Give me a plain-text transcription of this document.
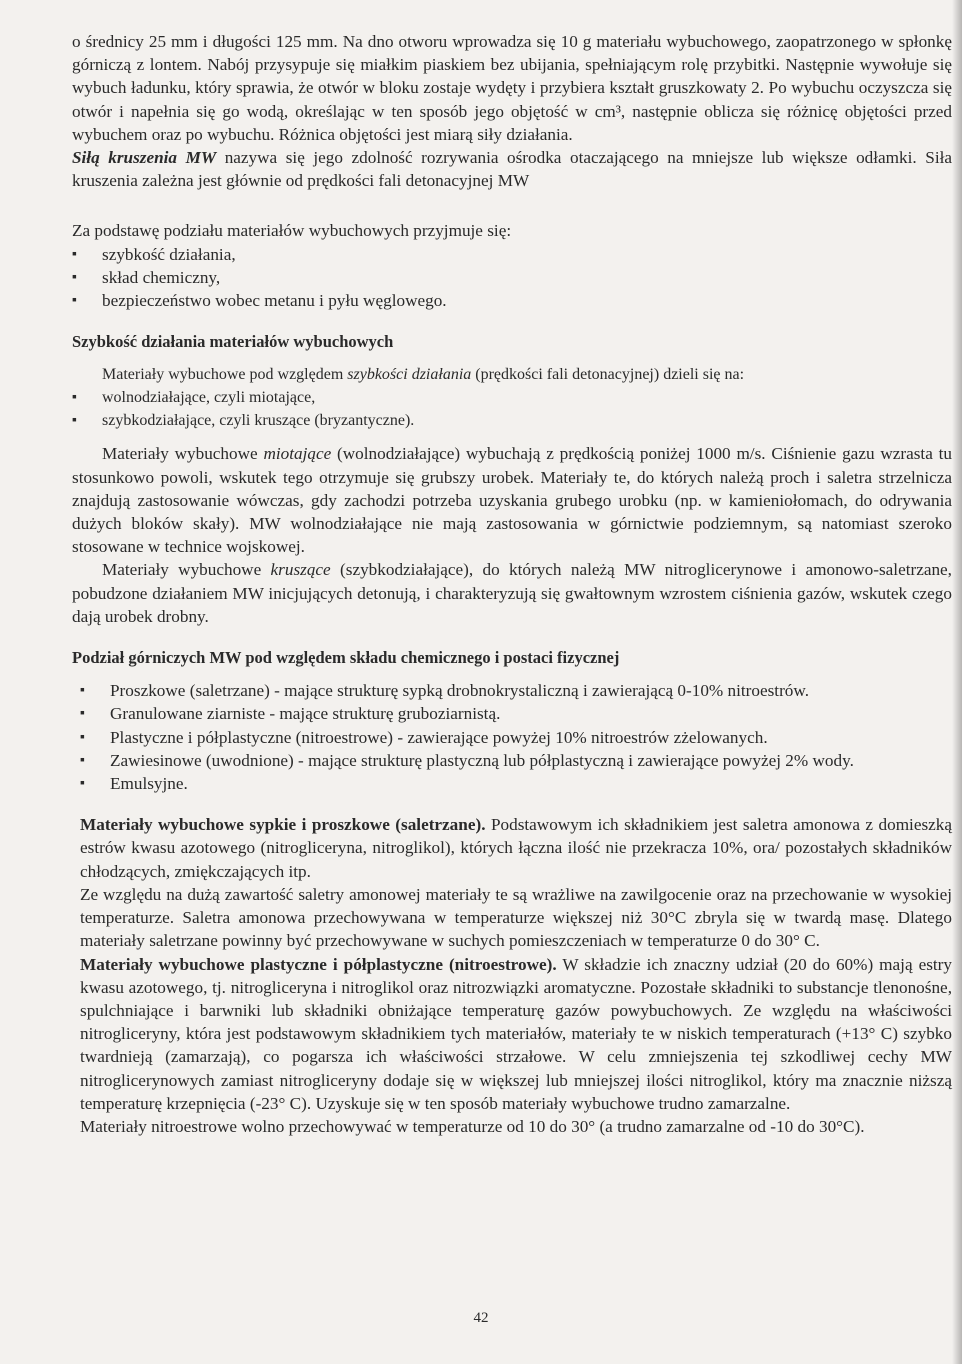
o średnicy 25 mm i długości 125 mm. Na dno otworu wprowadza się 10 g materiału wybuchowego, zaopatrzonego w spłonkę górniczą z lontem. Nabój przysypuje się miałkim piaskiem bez ubijania, spełniającym rolę przybitki. Następnie wywołuje się wybuch ładunku, który sprawia, że otwór w bloku zostaje wydęty i przybiera kształt gruszkowaty 2. Po wybuchu oczyszcza się otwór i napełnia się go wodą, określając w ten sposób jego objętość w cm³, następnie oblicza się różnicę objętości przed wybuchem oraz po wybuchu. Różnica objętości jest miarą siły działania.

Siłą kruszenia MW nazywa się jego zdolność rozrywania ośrodka otaczającego na mniejsze lub większe odłamki. Siła kruszenia zależna jest głównie od prędkości fali detonacyjnej MW

Za podstawę podziału materiałów wybuchowych przyjmuje się:

▪ szybkość działania,
▪ skład chemiczny,
▪ bezpieczeństwo wobec metanu i pyłu węglowego.

Szybkość działania materiałów wybuchowych

Materiały wybuchowe pod względem szybkości działania (prędkości fali detonacyjnej) dzieli się na:

▪ wolnodziałające, czyli miotające,
▪ szybkodziałające, czyli kruszące (bryzantyczne).

Materiały wybuchowe miotające (wolnodziałające) wybuchają z prędkością poniżej 1000 m/s. Ciśnienie gazu wzrasta tu stosunkowo powoli, wskutek tego otrzymuje się grubszy urobek. Materiały te, do których należą proch i saletra strzelnicza znajdują zastosowanie wówczas, gdy zachodzi potrzeba uzyskania grubego urobku (np. w kamieniołomach, do odrywania dużych bloków skały). MW wolnodziałające nie mają zastosowania w górnictwie podziemnym, są natomiast szeroko stosowane w technice wojskowej.

Materiały wybuchowe kruszące (szybkodziałające), do których należą MW nitroglicerynowe i amonowo-saletrzane, pobudzone działaniem MW inicjujących detonują, i charakteryzują się gwałtownym wzrostem ciśnienia gazów, wskutek czego dają urobek drobny.

Podział górniczych MW pod względem składu chemicznego i postaci fizycznej

▪ Proszkowe (saletrzane) - mające strukturę sypką drobnokrystaliczną i zawierającą 0-10% nitroestrów.
▪ Granulowane ziarniste - mające strukturę gruboziarnistą.
▪ Plastyczne i półplastyczne (nitroestrowe) - zawierające powyżej 10% nitroestrów zżelowanych.
▪ Zawiesinowe (uwodnione) - mające strukturę plastyczną lub półplastyczną i zawierające powyżej 2% wody.
▪ Emulsyjne.

Materiały wybuchowe sypkie i proszkowe (saletrzane). Podstawowym ich składnikiem jest saletra amonowa z domieszką estrów kwasu azotowego (nitrogliceryna, nitroglikol), których łączna ilość nie przekracza 10%, ora/ pozostałych składników chłodzących, zmiękczających itp.

Ze względu na dużą zawartość saletry amonowej materiały te są wrażliwe na zawilgocenie oraz na przechowanie w wysokiej temperaturze. Saletra amonowa przechowywana w temperaturze większej niż 30°C zbryla się w twardą masę. Dlatego materiały saletrzane powinny być przechowywane w suchych pomieszczeniach w temperaturze 0 do 30° C.

Materiały wybuchowe plastyczne i półplastyczne (nitroestrowe). W składzie ich znaczny udział (20 do 60%) mają estry kwasu azotowego, tj. nitrogliceryna i nitroglikol oraz nitrozwiązki aromatyczne. Pozostałe składniki to substancje tlenonośne, spulchniające i barwniki lub składniki obniżające temperaturę gazów powybuchowych. Ze względu na właściwości nitrogliceryny, która jest podstawowym składnikiem tych materiałów, materiały te w niskich temperaturach (+13° C) szybko twardnieją (zamarzają), co pogarsza ich właściwości strzałowe. W celu zmniejszenia tej szkodliwej cechy MW nitroglicerynowych zamiast nitrogliceryny dodaje się w większej lub mniejszej ilości nitroglikol, który ma znacznie niższą temperaturę krzepnięcia (-23° C). Uzyskuje się w ten sposób materiały wybuchowe trudno zamarzalne.

Materiały nitroestrowe wolno przechowywać w temperaturze od 10 do 30° (a trudno zamarzalne od -10 do 30°C).

42
